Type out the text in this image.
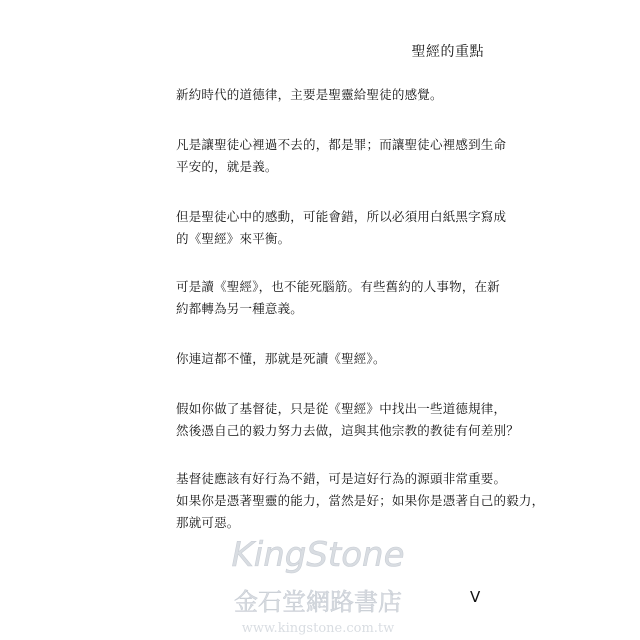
聖經的重點
新約時代的道德律，主要是聖靈給聖徒的感覺。
凡是讓聖徒心裡過不去的，都是罪；而讓聖徒心裡感到生命
平安的，就是義。
但是聖徒心中的感動，可能會錯，所以必須用白紙黑字寫成
的《聖經》來平衡。
可是讀《聖經》，也不能死腦筋。有些舊約的人事物，在新
約都轉為另一種意義。
你連這都不懂，那就是死讀《聖經》。
假如你做了基督徒，只是從《聖經》中找出一些道德規律，
然後憑自己的毅力努力去做，這與其他宗教的教徒有何差別？
基督徒應該有好行為不錯，可是這好行為的源頭非常重要。
如果你是憑著聖靈的能力，當然是好；如果你是憑著自己的毅力，
那就可惡。
KingStone
金石堂網路書店
www.kingstone.com.tw
V
